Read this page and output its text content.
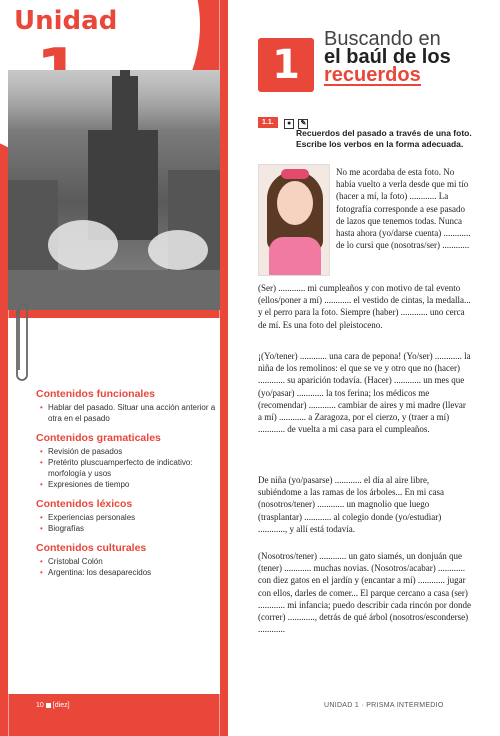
Unidad
Contenidos funcionales
• Hablar del pasado. Situar una acción anterior a otra en el pasado
Contenidos gramaticales
• Revisión de pasados
• Pretérito pluscuamperfecto de indicativo: morfología y usos
• Expresiones de tiempo
Contenidos léxicos
• Experiencias personales
• Biografías
Contenidos culturales
• Cristobal Colón
• Argentina: los desaparecidos
10 [diez]
1
Buscando en
el baúl de los
recuerdos
1.1. ● ✎
Recuerdos del pasado a través de una foto. Escribe los verbos en la forma adecuada.
No me acordaba de esta foto. No había vuelto a verla desde que mi tío (hacer a mí, la foto) ............ La fotografía corresponde a ese pasado de lazos que tenemos todas. Nunca hasta ahora (yo/darse cuenta) ............ de lo cursi que (nosotras/ser) ............
(Ser) ............ mi cumpleaños y con motivo de tal evento (ellos/poner a mí) ............ el vestido de cintas, la medalla... y el perro para la foto. Siempre (haber) ............ uno cerca de mí. Es una foto del pleistoceno.
¡(Yo/tener) ............ una cara de pepona! (Yo/ser) ............ la niña de los remolinos: el que se ve y otro que no (hacer) ............ su aparición todavía. (Hacer) ............ un mes que (yo/pasar) ............ la tos ferina; los médicos me (recomendar) ............ cambiar de aires y mi madre (llevar a mí) ............ a Zaragoza, por el cierzo, y (traer a mí) ............ de vuelta a mi casa para el cumpleaños.
De niña (yo/pasarse) ............ el día al aire libre, subiéndome a las ramas de los árboles... En mi casa (nosotros/tener) ............ un magnolio que luego (trasplantar) ............ al colegio donde (yo/estudiar) ............, y allí está todavía.
(Nosotros/tener) ............ un gato siamés, un donjuán que (tener) ............ muchas novias. (Nosotros/acabar) ............ con diez gatos en el jardín y (encantar a mí) ............ jugar con ellos, darles de comer... El parque cercano a casa (ser) ............ mi infancia; puedo describir cada rincón por donde (correr) ............, detrás de qué árbol (nosotros/esconderse) ............
UNIDAD 1 · PRISMA INTERMEDIO
